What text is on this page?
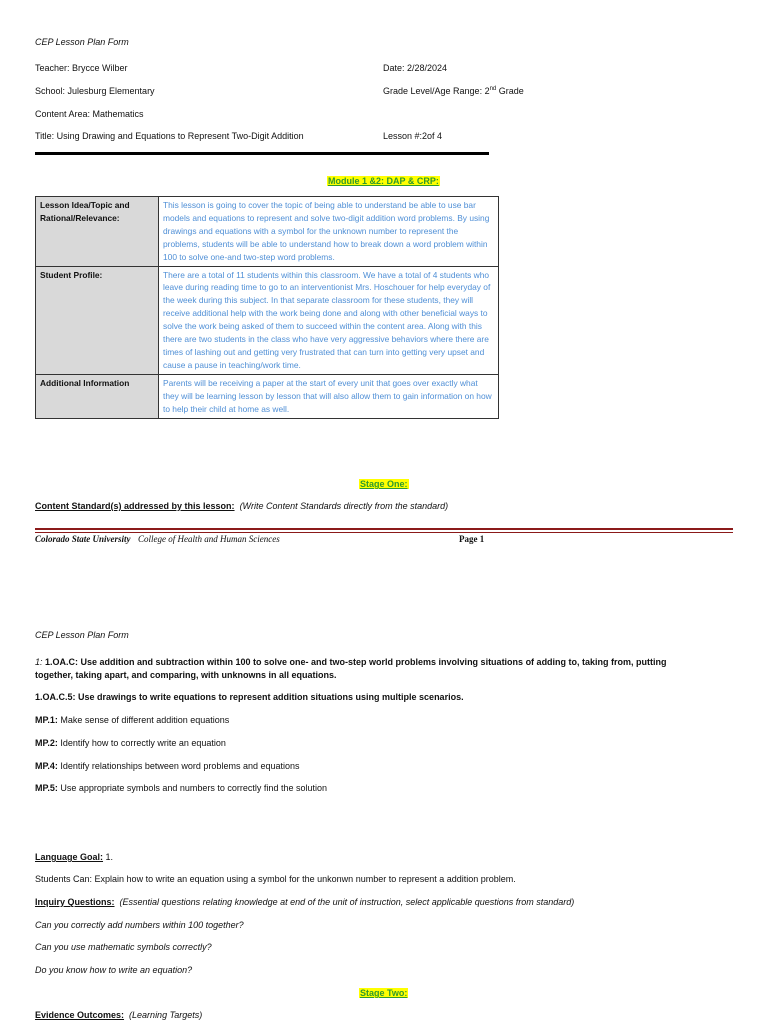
CEP Lesson Plan Form
Teacher: Brycce Wilber	Date: 2/28/2024
School: Julesburg Elementary	Grade Level/Age Range: 2nd Grade
Content Area: Mathematics
Title: Using Drawing and Equations to Represent Two-Digit Addition	Lesson #:2of 4
Module 1 &2: DAP & CRP:
Lesson Idea/Topic and Rational/Relevance:	This lesson is going to cover the topic of being able to understand be able to use bar models and equations to represent and solve two-digit addition word problems. By using drawings and equations with a symbol for the unknown number to represent the problems, students will be able to understand how to break down a word problem within 100 to solve one-and two-step word problems.
Student Profile:	There are a total of 11 students within this classroom. We have a total of 4 students who leave during reading time to go to an interventionist Mrs. Hoschouer for help everyday of the week during this subject. In that separate classroom for these students, they will receive additional help with the work being done and along with other beneficial ways to solve the work being asked of them to succeed within the content area. Along with this there are two students in the class who have very aggressive behaviors where there are times of lashing out and getting very frustrated that can turn into getting very upset and cause a pause in teaching/work time.
Additional Information	Parents will be receiving a paper at the start of every unit that goes over exactly what they will be learning lesson by lesson that will also allow them to gain information on how to help their child at home as well.
Stage One:
Content Standard(s) addressed by this lesson: (Write Content Standards directly from the standard)
Colorado State University College of Health and Human Sciences	Page 1
CEP Lesson Plan Form
1: 1.OA.C: Use addition and subtraction within 100 to solve one- and two-step world problems involving situations of adding to, taking from, putting
together, taking apart, and comparing, with unknowns in all equations.
1.OA.C.5: Use drawings to write equations to represent addition situations using multiple scenarios.
MP.1: Make sense of different addition equations
MP.2: Identify how to correctly write an equation
MP.4: Identify relationships between word problems and equations
MP.5: Use appropriate symbols and numbers to correctly find the solution
Language Goal: 1.
Students Can: Explain how to write an equation using a symbol for the unkonwn number to represent a addition problem.
Inquiry Questions: (Essential questions relating knowledge at end of the unit of instruction, select applicable questions from standard)
Can you correctly add numbers within 100 together?
Can you use mathematic symbols correctly?
Do you know how to write an equation?
Stage Two:
Evidence Outcomes: (Learning Targets)
